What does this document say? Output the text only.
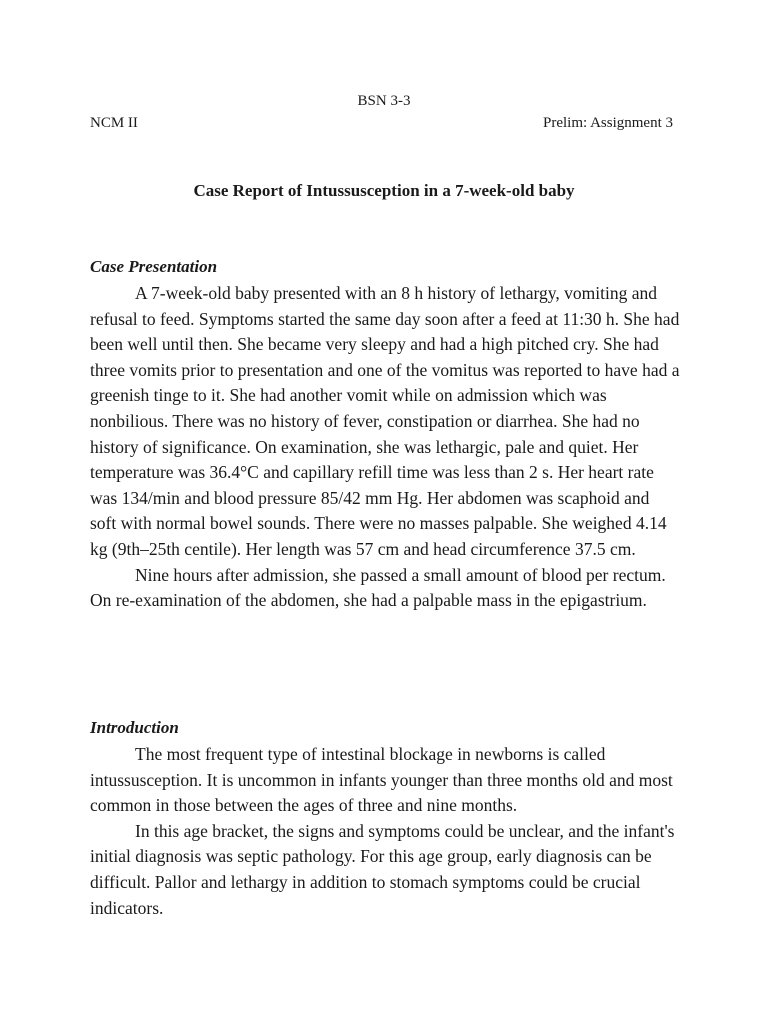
BSN 3-3
NCM II	Prelim: Assignment 3
Case Report of Intussusception in a 7-week-old baby
Case Presentation

A 7-week-old baby presented with an 8 h history of lethargy, vomiting and refusal to feed. Symptoms started the same day soon after a feed at 11:30 h. She had been well until then. She became very sleepy and had a high pitched cry. She had three vomits prior to presentation and one of the vomitus was reported to have had a greenish tinge to it. She had another vomit while on admission which was nonbilious. There was no history of fever, constipation or diarrhea. She had no history of significance. On examination, she was lethargic, pale and quiet. Her temperature was 36.4°C and capillary refill time was less than 2 s. Her heart rate was 134/min and blood pressure 85/42 mm Hg. Her abdomen was scaphoid and soft with normal bowel sounds. There were no masses palpable. She weighed 4.14 kg (9th–25th centile). Her length was 57 cm and head circumference 37.5 cm.

Nine hours after admission, she passed a small amount of blood per rectum. On re-examination of the abdomen, she had a palpable mass in the epigastrium.

Introduction

The most frequent type of intestinal blockage in newborns is called intussusception. It is uncommon in infants younger than three months old and most common in those between the ages of three and nine months.

In this age bracket, the signs and symptoms could be unclear, and the infant's initial diagnosis was septic pathology. For this age group, early diagnosis can be difficult. Pallor and lethargy in addition to stomach symptoms could be crucial indicators.
